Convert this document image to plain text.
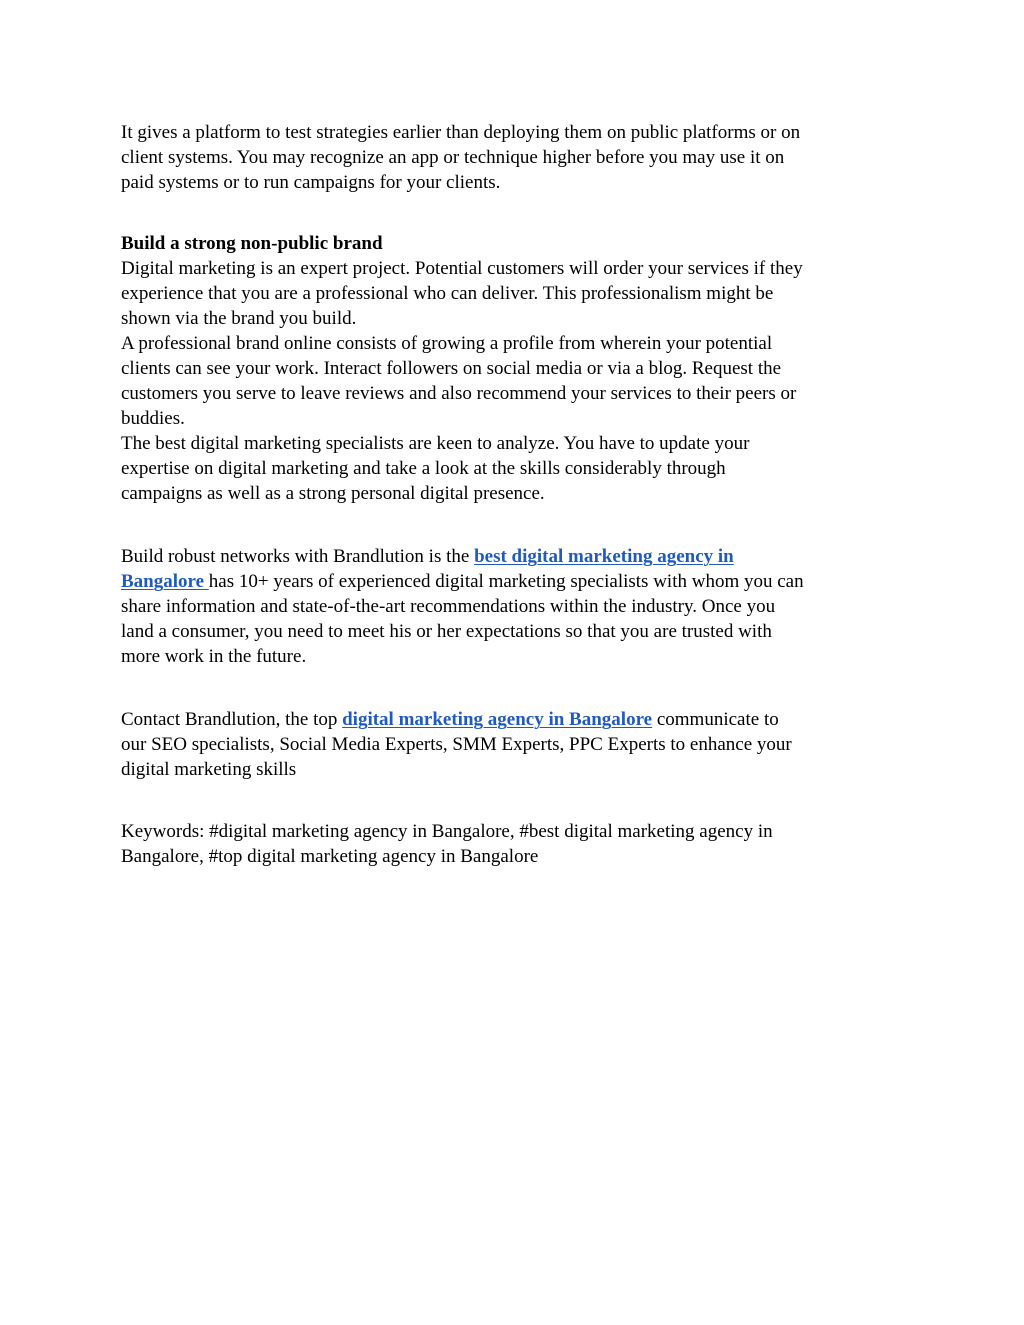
It gives a platform to test strategies earlier than deploying them on public platforms or on
client systems. You may recognize an app or technique higher before you may use it on
paid systems or to run campaigns for your clients.
Build a strong non-public brand
Digital marketing is an expert project. Potential customers will order your services if they
experience that you are a professional who can deliver. This professionalism might be
shown via the brand you build.
A professional brand online consists of growing a profile from wherein your potential
clients can see your work. Interact followers on social media or via a blog. Request the
customers you serve to leave reviews and also recommend your services to their peers or
buddies.
The best digital marketing specialists are keen to analyze. You have to update your
expertise on digital marketing and take a look at the skills considerably through
campaigns as well as a strong personal digital presence.
Build robust networks with Brandlution is the best digital marketing agency in
Bangalore has 10+ years of experienced digital marketing specialists with whom you can
share information and state-of-the-art recommendations within the industry. Once you
land a consumer, you need to meet his or her expectations so that you are trusted with
more work in the future.
Contact Brandlution, the top digital marketing agency in Bangalore communicate to
our SEO specialists, Social Media Experts, SMM Experts, PPC Experts to enhance your
digital marketing skills
Keywords: #digital marketing agency in Bangalore, #best digital marketing agency in
Bangalore, #top digital marketing agency in Bangalore
